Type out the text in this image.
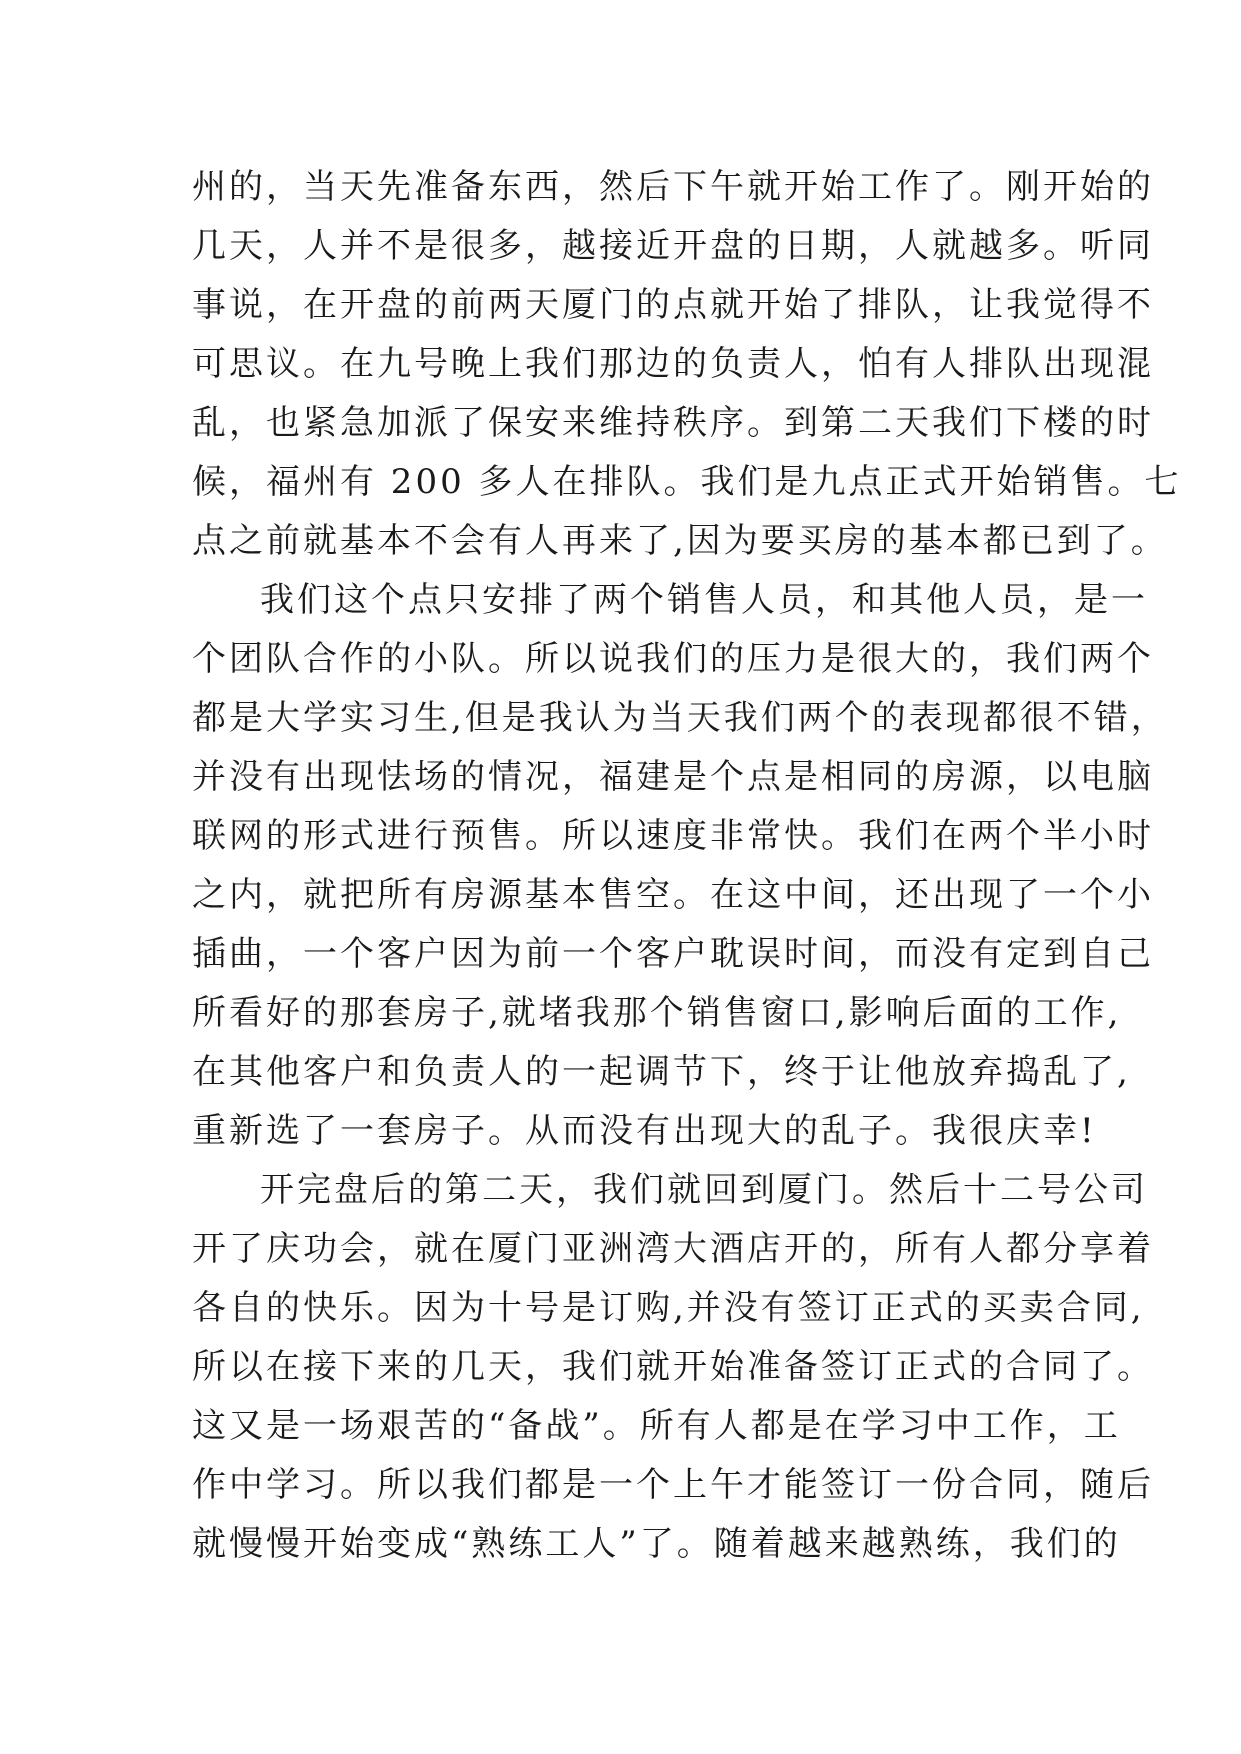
州的，当天先准备东西，然后下午就开始工作了。刚开始的
几天，人并不是很多，越接近开盘的日期，人就越多。听同
事说，在开盘的前两天厦门的点就开始了排队，让我觉得不
可思议。在九号晚上我们那边的负责人，怕有人排队出现混
乱，也紧急加派了保安来维持秩序。到第二天我们下楼的时
候，福州有 200 多人在排队。我们是九点正式开始销售。七
点之前就基本不会有人再来了,因为要买房的基本都已到了。
我们这个点只安排了两个销售人员，和其他人员，是一
个团队合作的小队。所以说我们的压力是很大的，我们两个
都是大学实习生,但是我认为当天我们两个的表现都很不错，
并没有出现怯场的情况，福建是个点是相同的房源，以电脑
联网的形式进行预售。所以速度非常快。我们在两个半小时
之内，就把所有房源基本售空。在这中间，还出现了一个小
插曲，一个客户因为前一个客户耽误时间，而没有定到自己
所看好的那套房子,就堵我那个销售窗口,影响后面的工作,
在其他客户和负责人的一起调节下，终于让他放弃捣乱了,
重新选了一套房子。从而没有出现大的乱子。我很庆幸!
开完盘后的第二天，我们就回到厦门。然后十二号公司
开了庆功会，就在厦门亚洲湾大酒店开的，所有人都分享着
各自的快乐。因为十号是订购,并没有签订正式的买卖合同,
所以在接下来的几天，我们就开始准备签订正式的合同了。
这又是一场艰苦的“备战”。所有人都是在学习中工作，工
作中学习。所以我们都是一个上午才能签订一份合同，随后
就慢慢开始变成“熟练工人”了。随着越来越熟练，我们的
